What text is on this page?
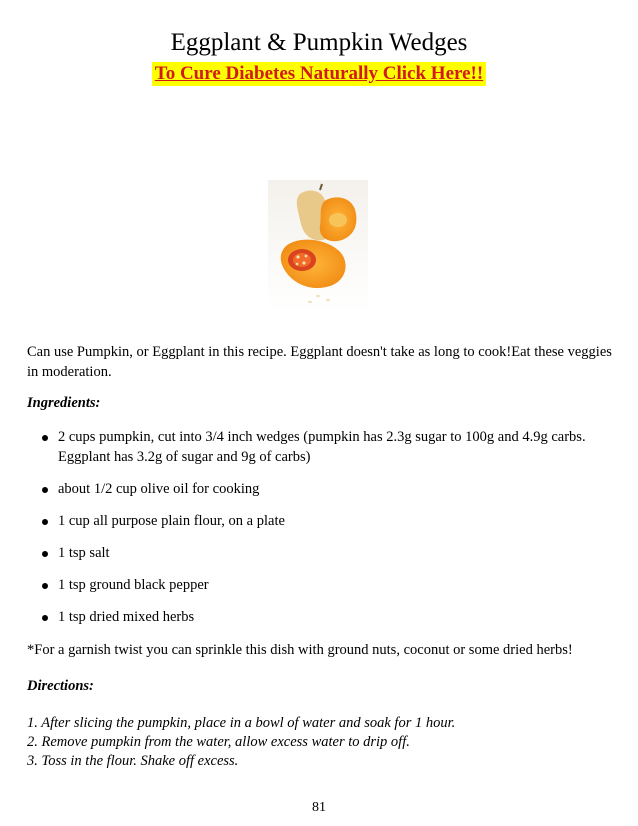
Eggplant & Pumpkin Wedges
To Cure Diabetes Naturally Click Here!!
Can use Pumpkin, or Eggplant in this recipe. Eggplant doesn't take as long to cook!Eat these veggies in moderation.
Ingredients:
2 cups pumpkin, cut into 3/4 inch wedges (pumpkin has 2.3g sugar to 100g and 4.9g carbs. Eggplant has 3.2g of sugar and 9g of carbs)
about 1/2 cup olive oil for cooking
1 cup all purpose plain flour, on a plate
1 tsp salt
1 tsp ground black pepper
1 tsp dried mixed herbs
*For a garnish twist you can sprinkle this dish with ground nuts, coconut or some dried herbs!
Directions:
1. After slicing the pumpkin, place in a bowl of water and soak for 1 hour.
2. Remove pumpkin from the water, allow excess water to drip off.
3. Toss in the flour. Shake off excess.
81
